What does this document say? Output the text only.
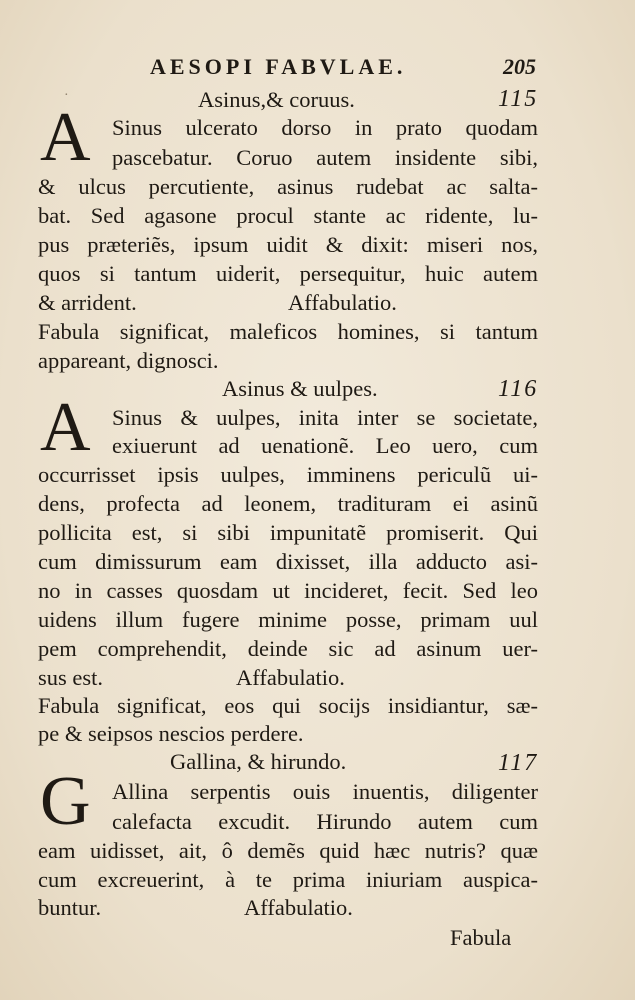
AESOPI FABVLAE.	205
·	Asinus,& coruus.	115
A Sinus ulcerato dorso in prato quodam
pascebatur. Coruo autem insidente sibi,
& ulcus percutiente, asinus rudebat ac salta-
bat. Sed agasone procul stante ac ridente, lu-
pus præteriẽs, ipsum uidit & dixit: miseri nos,
quos si tantum uiderit, persequitur, huic autem
& arrident.	Affabulatio.
Fabula significat, maleficos homines, si tantum
appareant, dignosci.
Asinus & uulpes.	116
A Sinus & uulpes, inita inter se societate,
exiuerunt ad uenationẽ. Leo uero, cum
occurrisset ipsis uulpes, imminens periculũ ui-
dens, profecta ad leonem, tradituram ei asinũ
pollicita est, si sibi impunitatẽ promiserit. Qui
cum dimissurum eam dixisset, illa adducto asi-
no in casses quosdam ut incideret, fecit. Sed leo
uidens illum fugere minime posse, primam uul
pem comprehendit, deinde sic ad asinum uer-
sus est.	Affabulatio.
Fabula significat, eos qui socijs insidiantur, sæ-
pe & seipsos nescios perdere.
Gallina, & hirundo.	117
G Allina serpentis ouis inuentis, diligenter
calefacta excudit. Hirundo autem cum
eam uidisset, ait, ô demẽs quid hæc nutris? quæ
cum excreuerint, à te prima iniuriam auspica-
buntur.	Affabulatio.
Fabula
